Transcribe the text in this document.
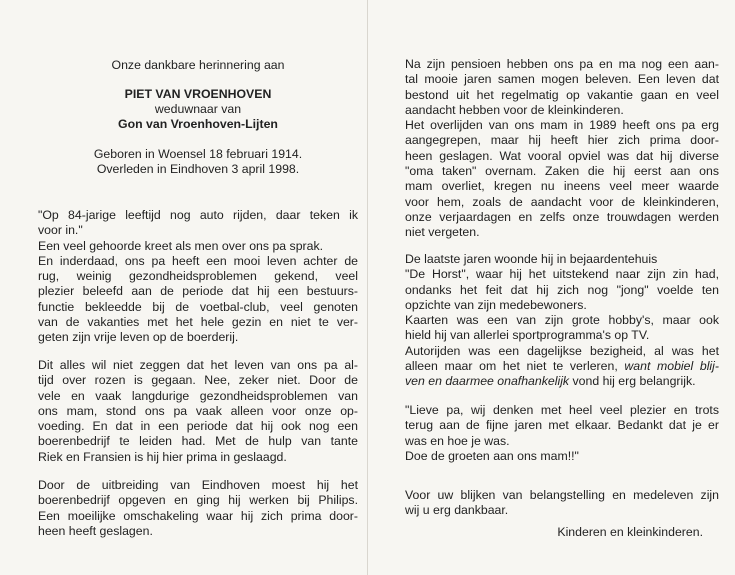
Onze dankbare herinnering aan
PIET VAN VROENHOVEN
weduwnaar van
Gon van Vroenhoven-Lijten
Geboren in Woensel 18 februari 1914.
Overleden in Eindhoven 3 april 1998.
"Op 84-jarige leeftijd nog auto rijden, daar teken ik
voor in."
Een veel gehoorde kreet als men over ons pa sprak.
En inderdaad, ons pa heeft een mooi leven achter de
rug, weinig gezondheidsproblemen gekend, veel
plezier beleefd aan de periode dat hij een bestuurs-
functie bekleedde bij de voetbal-club, veel genoten
van de vakanties met het hele gezin en niet te ver-
geten zijn vrije leven op de boerderij.
Dit alles wil niet zeggen dat het leven van ons pa al-
tijd over rozen is gegaan. Nee, zeker niet. Door de
vele en vaak langdurige gezondheidsproblemen van
ons mam, stond ons pa vaak alleen voor onze op-
voeding. En dat in een periode dat hij ook nog een
boerenbedrijf te leiden had. Met de hulp van tante
Riek en Fransien is hij hier prima in geslaagd.
Door de uitbreiding van Eindhoven moest hij het
boerenbedrijf opgeven en ging hij werken bij Philips.
Een moeilijke omschakeling waar hij zich prima door-
heen heeft geslagen.
Na zijn pensioen hebben ons pa en ma nog een aan-
tal mooie jaren samen mogen beleven. Een leven dat
bestond uit het regelmatig op vakantie gaan en veel
aandacht hebben voor de kleinkinderen.
Het overlijden van ons mam in 1989 heeft ons pa erg
aangegrepen, maar hij heeft hier zich prima door-
heen geslagen. Wat vooral opviel was dat hij diverse
"oma taken" overnam. Zaken die hij eerst aan ons
mam overliet, kregen nu ineens veel meer waarde
voor hem, zoals de aandacht voor de kleinkinderen,
onze verjaardagen en zelfs onze trouwdagen werden
niet vergeten.
De laatste jaren woonde hij in bejaardentehuis
"De Horst", waar hij het uitstekend naar zijn zin had,
ondanks het feit dat hij zich nog "jong" voelde ten
opzichte van zijn medebewoners.
Kaarten was een van zijn grote hobby's, maar ook
hield hij van allerlei sportprogramma's op TV.
Autorijden was een dagelijkse bezigheid, al was het
alleen maar om het niet te verleren, want mobiel blij-
ven en daarmee onafhankelijk vond hij erg belangrijk.
"Lieve pa, wij denken met heel veel plezier en trots
terug aan de fijne jaren met elkaar. Bedankt dat je er
was en hoe je was.
Doe de groeten aan ons mam!!"
Voor uw blijken van belangstelling en medeleven zijn
wij u erg dankbaar.
Kinderen en kleinkinderen.
